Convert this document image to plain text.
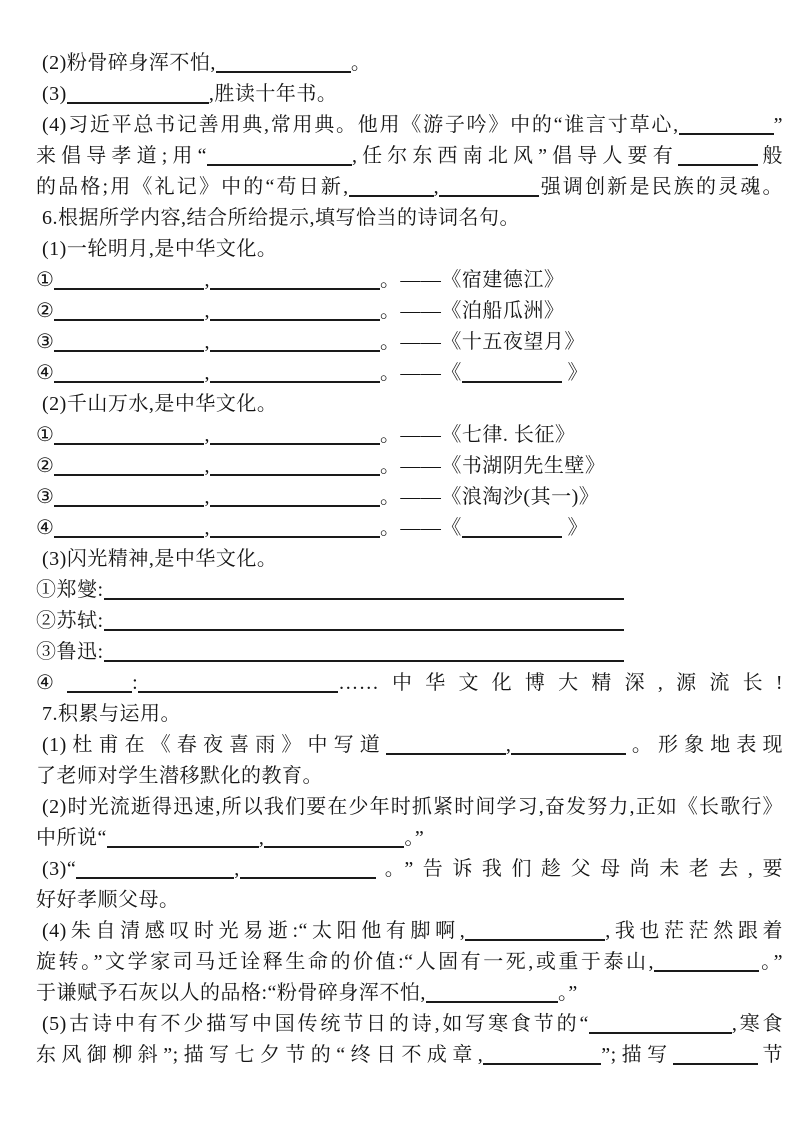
(2)粉骨碎身浑不怕,	。
(3)	,胜读十年书。
(4)习近平总书记善用典,常用典。他用《游子吟》中的“谁言寸草心,	”
来倡导孝道;用“	,任尔东西南北风”倡导人要有	般
的品格;用《礼记》中的“苟日新,	,	强调创新是民族的灵魂。
6.根据所学内容,结合所给提示,填写恰当的诗词名句。
(1)一轮明月,是中华文化。
①	,	。——《宿建德江》
②	,	。——《泊船瓜洲》
③	,	。——《十五夜望月》
④	,	。——《	》
(2)千山万水,是中华文化。
①	,	。——《七律. 长征》
②	,	。——《书湖阴先生壁》
③	,	。——《浪淘沙(其一)》
④	,	。——《	》
(3)闪光精神,是中华文化。
①郑燮:
②苏轼:
③鲁迅:
④	:	……中华文化博大精深,源流长!
7.积累与运用。
(1)杜甫在《春夜喜雨》中写道	,	。形象地表现
了老师对学生潜移默化的教育。
(2)时光流逝得迅速,所以我们要在少年时抓紧时间学习,奋发努力,正如《长歌行》
中所说“	,	。”
(3)“	,	。”告诉我们趁父母尚未老去,要
好好孝顺父母。
(4)朱自清感叹时光易逝:“太阳他有脚啊,	,我也茫茫然跟着
旋转。”文学家司马迁诠释生命的价值:“人固有一死,或重于泰山,	。”
于谦赋予石灰以人的品格:“粉骨碎身浑不怕,	。”
(5)古诗中有不少描写中国传统节日的诗,如写寒食节的“	,寒食
东风御柳斜”;描写七夕节的“终日不成章,	”;描写	节
